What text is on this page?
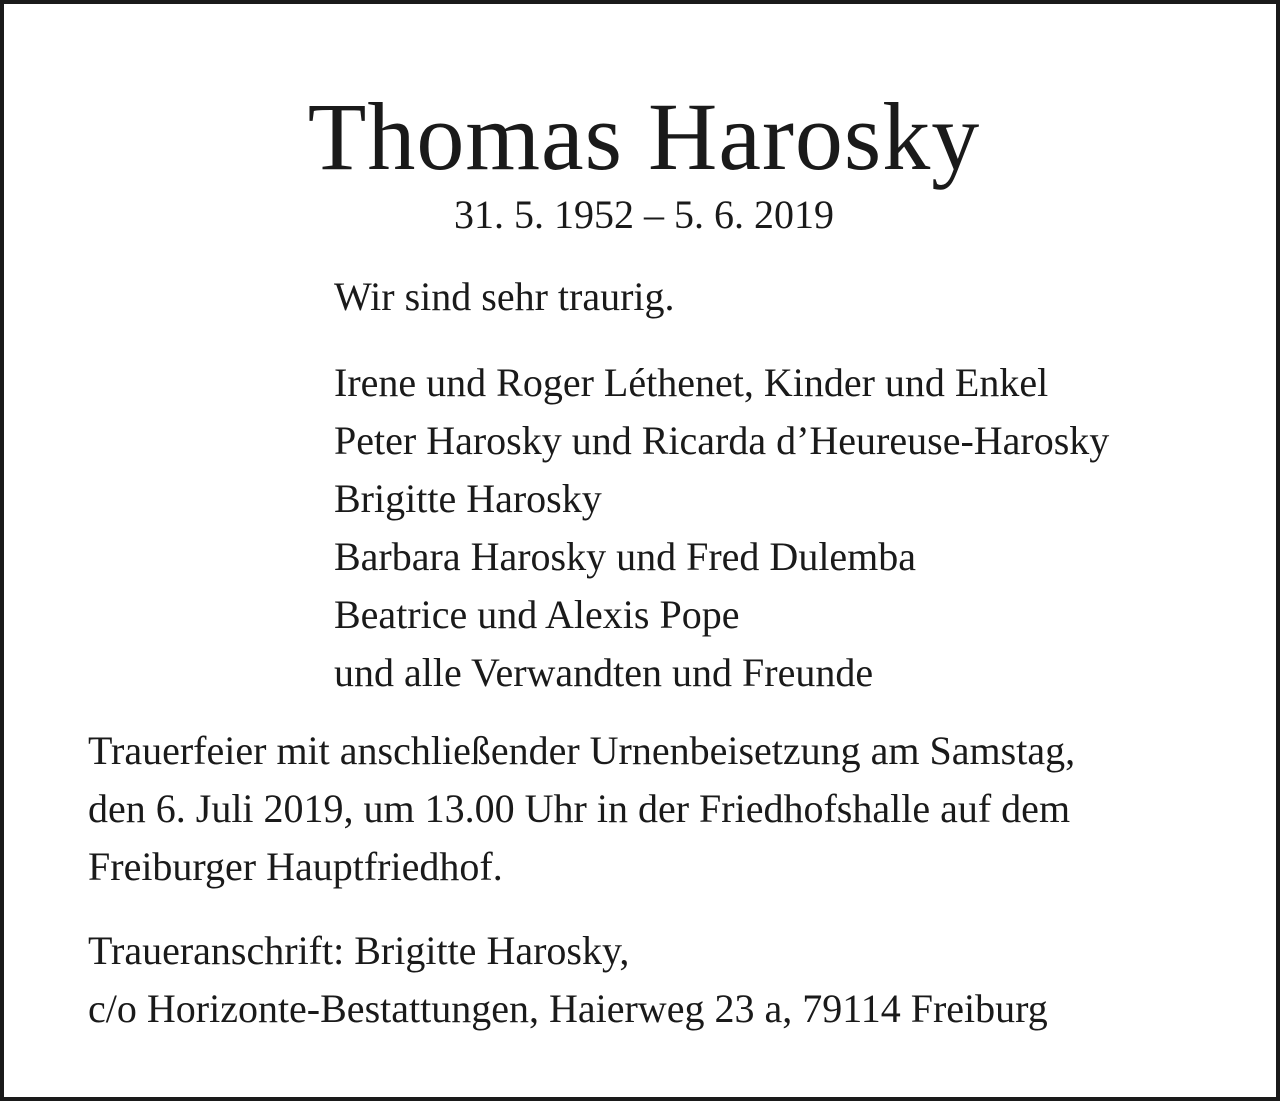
Thomas Harosky
31. 5. 1952 – 5. 6. 2019
Wir sind sehr traurig.
Irene und Roger Léthenet, Kinder und Enkel
Peter Harosky und Ricarda d’Heureuse-Harosky
Brigitte Harosky
Barbara Harosky und Fred Dulemba
Beatrice und Alexis Pope
und alle Verwandten und Freunde
Trauerfeier mit anschließender Urnenbeisetzung am Samstag,
den 6. Juli 2019, um 13.00 Uhr in der Friedhofshalle auf dem
Freiburger Hauptfriedhof.
Traueranschrift: Brigitte Harosky,
c/o Horizonte-Bestattungen, Haierweg 23 a, 79114 Freiburg
